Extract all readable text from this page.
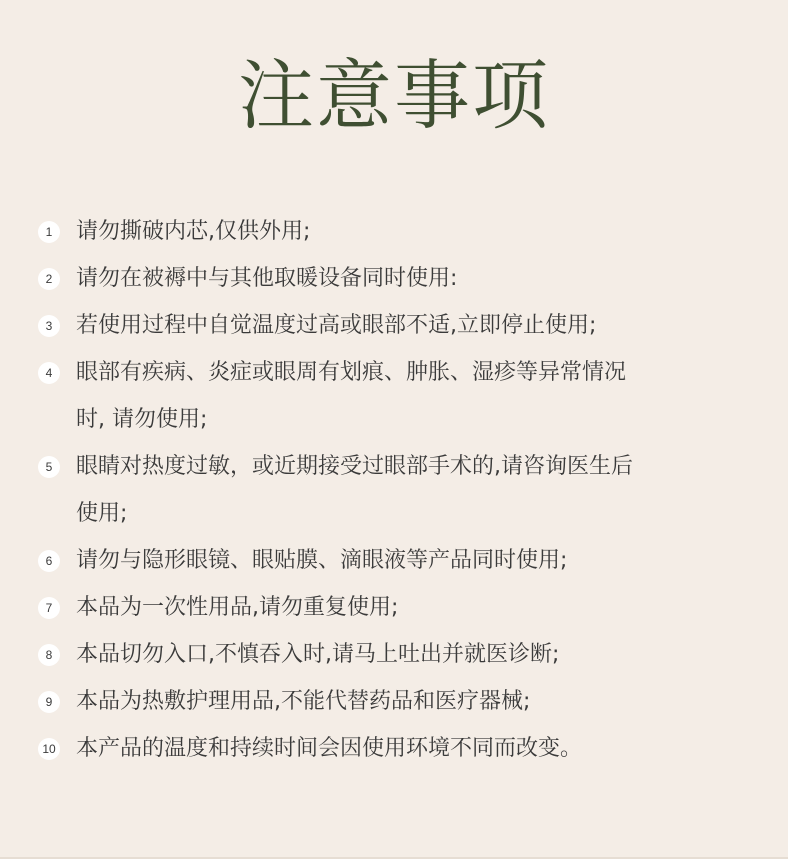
注意事项
1	请勿撕破内芯,仅供外用;
2	请勿在被褥中与其他取暖设备同时使用:
3	若使用过程中自觉温度过高或眼部不适,立即停止使用;
4	眼部有疾病、炎症或眼周有划痕、肿胀、湿疹等异常情况
时, 请勿使用;
5	眼睛对热度过敏，或近期接受过眼部手术的,请咨询医生后
使用;
6	请勿与隐形眼镜、眼贴膜、滴眼液等产品同时使用;
7	本品为一次性用品,请勿重复使用;
8	本品切勿入口,不慎吞入时,请马上吐出并就医诊断;
9	本品为热敷护理用品,不能代替药品和医疗器械;
10 本产品的温度和持续时间会因使用环境不同而改变。
